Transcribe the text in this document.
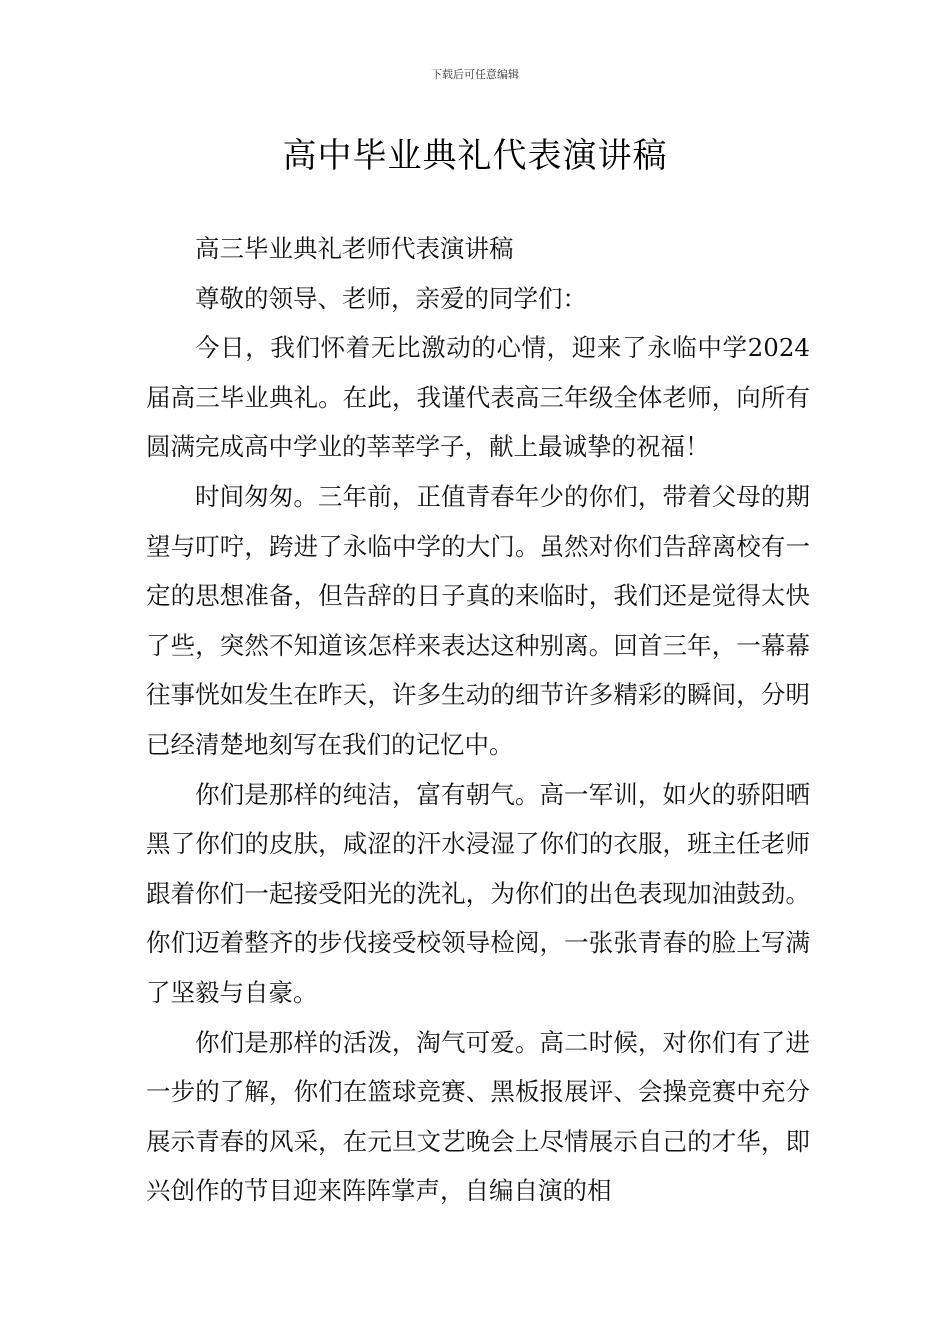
下载后可任意编辑
高中毕业典礼代表演讲稿

高三毕业典礼老师代表演讲稿

尊敬的领导、老师，亲爱的同学们：

今日，我们怀着无比激动的心情，迎来了永临中学2024届高三毕业典礼。在此，我谨代表高三年级全体老师，向所有圆满完成高中学业的莘莘学子，献上最诚挚的祝福！

时间匆匆。三年前，正值青春年少的你们，带着父母的期望与叮咛，跨进了永临中学的大门。虽然对你们告辞离校有一定的思想准备，但告辞的日子真的来临时，我们还是觉得太快了些，突然不知道该怎样来表达这种别离。回首三年，一幕幕往事恍如发生在昨天，许多生动的细节许多精彩的瞬间，分明已经清楚地刻写在我们的记忆中。

你们是那样的纯洁，富有朝气。高一军训，如火的骄阳晒黑了你们的皮肤，咸涩的汗水浸湿了你们的衣服，班主任老师跟着你们一起接受阳光的洗礼，为你们的出色表现加油鼓劲。你们迈着整齐的步伐接受校领导检阅，一张张青春的脸上写满了坚毅与自豪。

你们是那样的活泼，淘气可爱。高二时候，对你们有了进一步的了解，你们在篮球竞赛、黑板报展评、会操竞赛中充分展示青春的风采，在元旦文艺晚会上尽情展示自己的才华，即兴创作的节目迎来阵阵掌声，自编自演的相
